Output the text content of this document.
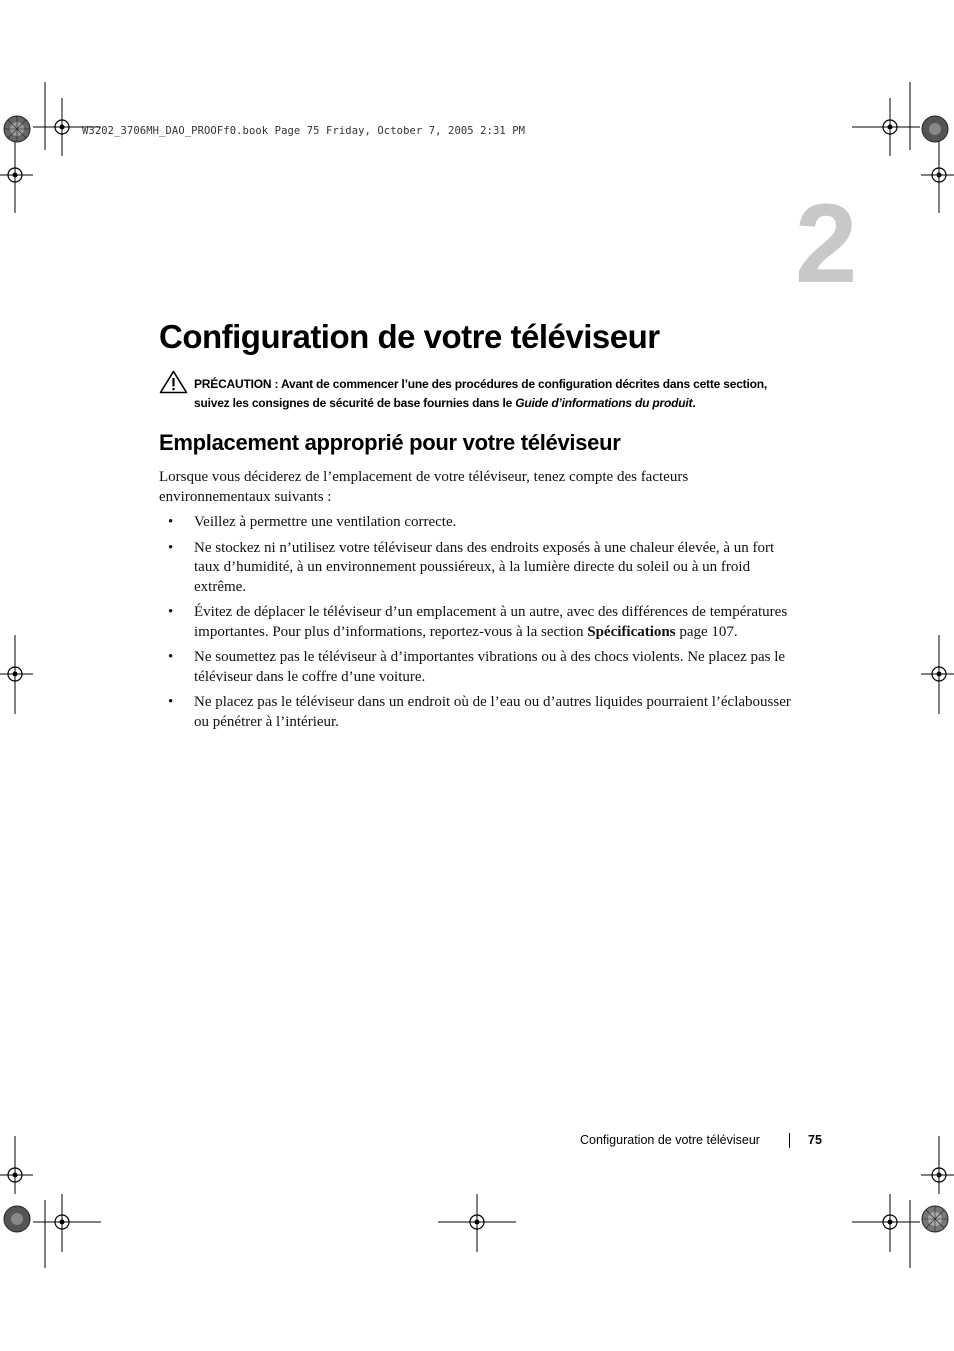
W3202_3706MH_DAO_PROOFf0.book Page 75 Friday, October 7, 2005 2:31 PM
2
Configuration de votre téléviseur
PRÉCAUTION : Avant de commencer l’une des procédures de configuration décrites dans cette section, suivez les consignes de sécurité de base fournies dans le Guide d’informations du produit.
Emplacement approprié pour votre téléviseur

Lorsque vous déciderez de l’emplacement de votre téléviseur, tenez compte des facteurs environnementaux suivants :

• Veillez à permettre une ventilation correcte.
• Ne stockez ni n’utilisez votre téléviseur dans des endroits exposés à une chaleur élevée, à un fort taux d’humidité, à un environnement poussiéreux, à la lumière directe du soleil ou à un froid extrême.
• Évitez de déplacer le téléviseur d’un emplacement à un autre, avec des différences de températures importantes. Pour plus d’informations, reportez-vous à la section Spécifications page 107.
• Ne soumettez pas le téléviseur à d’importantes vibrations ou à des chocs violents. Ne placez pas le téléviseur dans le coffre d’une voiture.
• Ne placez pas le téléviseur dans un endroit où de l’eau ou d’autres liquides pourraient l’éclabousser ou pénétrer à l’intérieur.
Configuration de votre téléviseur	75
